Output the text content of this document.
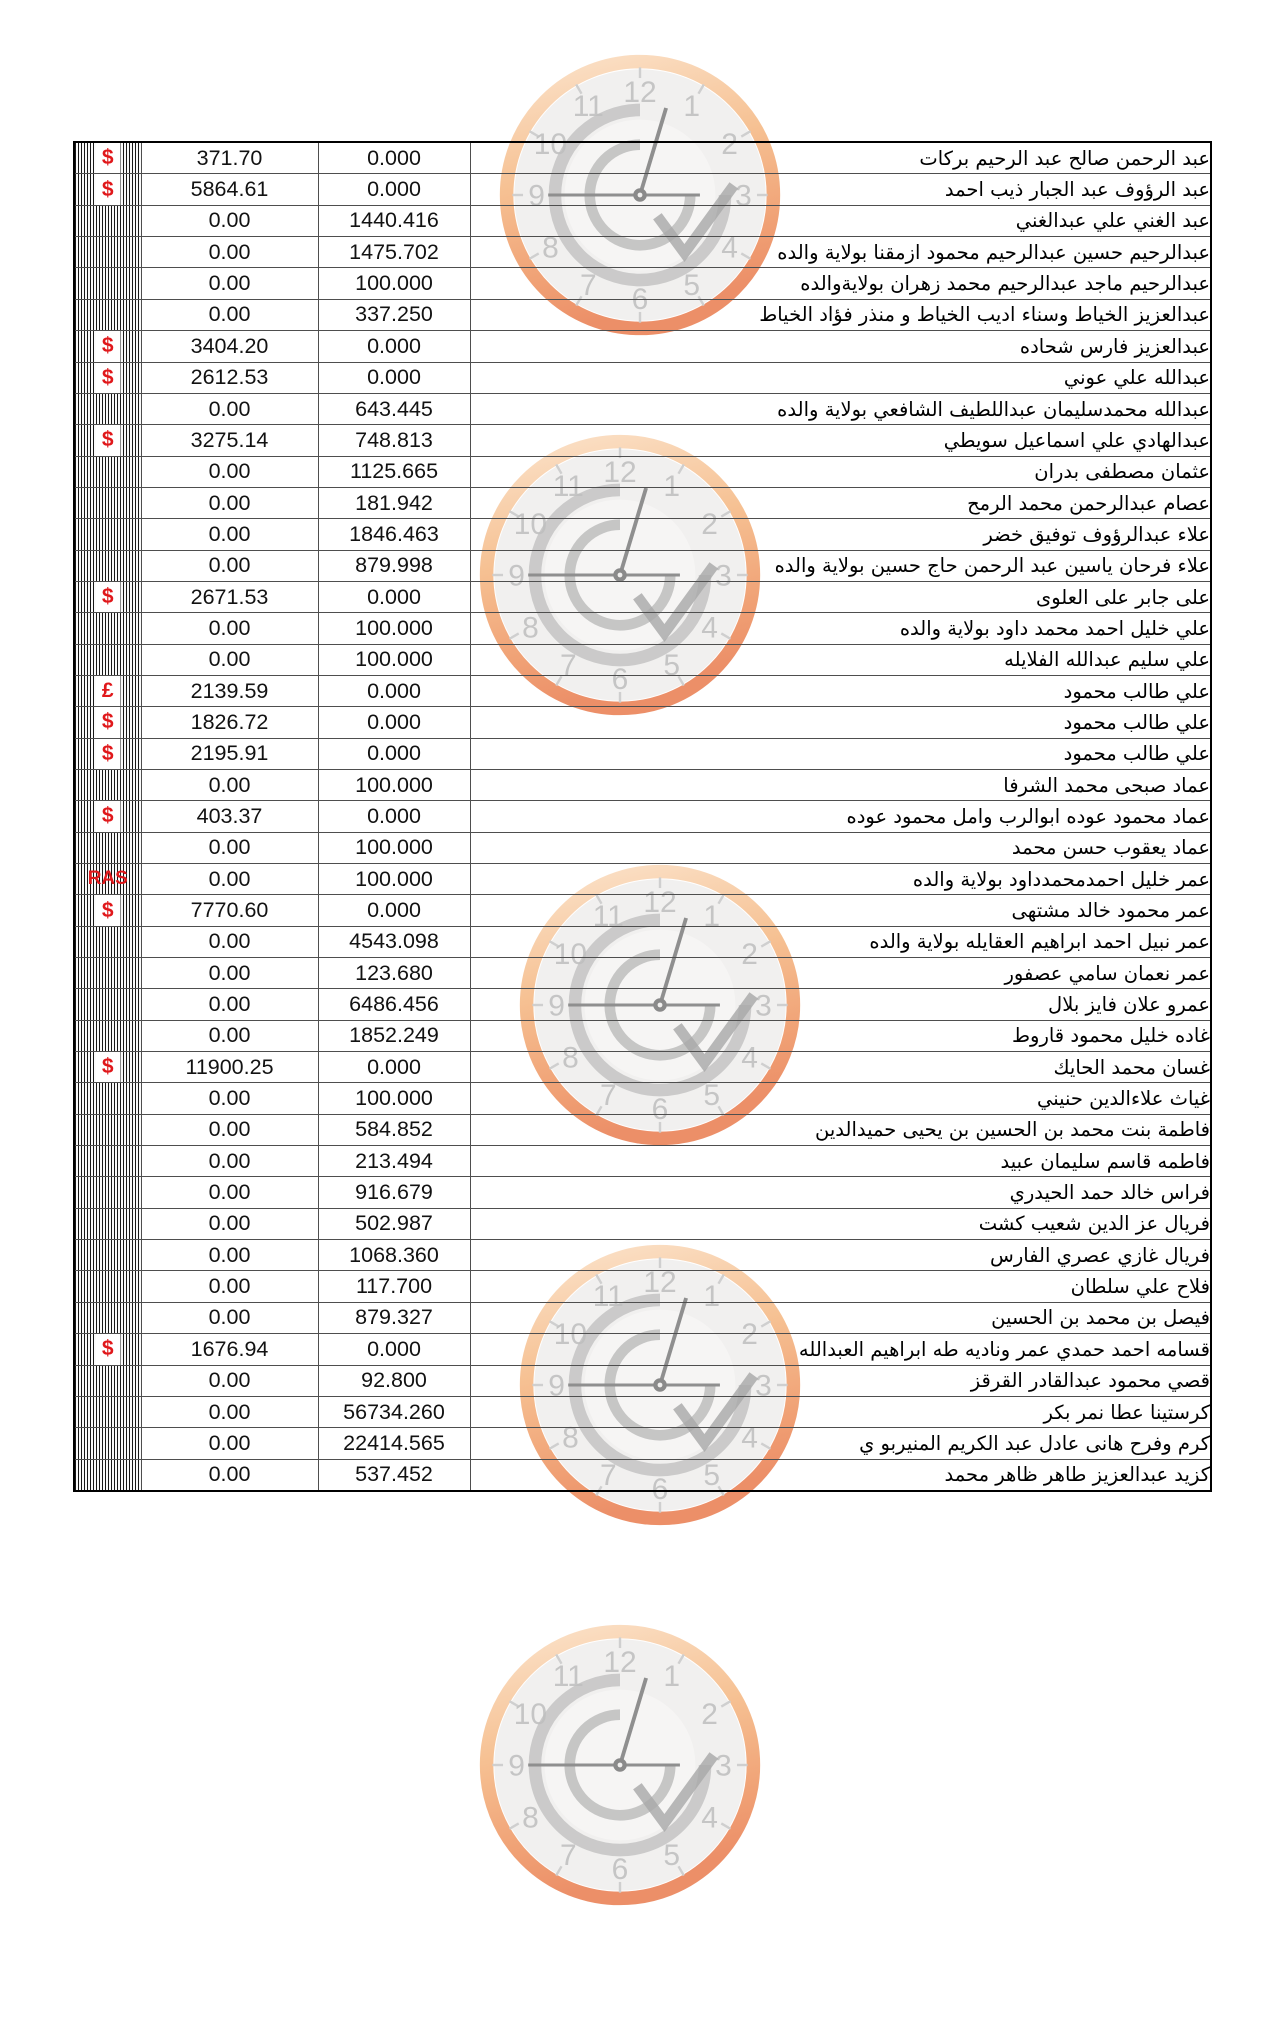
12 1
2
3
4
5
6
7
8
9
10
11
12 1
2
3
4
5
6
7
8
9
10
11
12 1
2
3
4
5
6
7
8
9
10
11
12 1
2
3
4
5
6
7
8
9
10
11
12 1
2
3
4
5
6
7
8
9
10
11
$	371.70	0.000	عبد الرحمن صالح عبد الرحيم بركات

$	5864.61	0.000	عبد الرؤوف عبد الجبار ذيب احمد
	0.00	1440.416	عبد الغني علي عبدالغني
	0.00	1475.702	عبدالرحيم حسين عبدالرحيم محمود ازمقنا بولاية والده
	0.00	100.000	عبدالرحيم ماجد عبدالرحيم محمد زهران بولايةوالده
	0.00	337.250	عبدالعزيز الخياط وسناء اديب الخياط و منذر فؤاد الخياط

$	3404.20	0.000	عبدالعزيز فارس شحاده

$	2612.53	0.000	عبدالله علي عوني
	0.00	643.445	عبدالله محمدسليمان عبداللطيف الشافعي بولاية والده

$	3275.14	748.813	عبدالهادي علي اسماعيل سويطي
	0.00	1125.665	عثمان مصطفى بدران
	0.00	181.942	عصام عبدالرحمن محمد الرمح
	0.00	1846.463	علاء عبدالرؤوف توفيق خضر
	0.00	879.998	علاء فرحان ياسين عبد الرحمن حاج حسين بولاية والده

$	2671.53	0.000	على جابر على العلوى
	0.00	100.000	علي خليل احمد محمد داود بولاية والده
	0.00	100.000	علي سليم عبدالله الفلايله

£	2139.59	0.000	علي طالب محمود

$	1826.72	0.000	علي طالب محمود

$	2195.91	0.000	علي طالب محمود
	0.00	100.000	عماد صبحى محمد الشرفا

$	403.37	0.000	عماد محمود عوده ابوالرب وامل محمود عوده
	0.00	100.000	عماد يعقوب حسن محمد

RAS	0.00	100.000	عمر خليل احمدمحمدداود بولاية والده

$	7770.60	0.000	عمر محمود خالد مشتهى
	0.00	4543.098	عمر نبيل احمد ابراهيم العقايله بولاية والده
	0.00	123.680	عمر نعمان سامي عصفور
	0.00	6486.456	عمرو علان فايز بلال
	0.00	1852.249	غاده خليل محمود قاروط

$	11900.25	0.000	غسان محمد الحايك
	0.00	100.000	غياث علاءالدين حنيني
	0.00	584.852	فاطمة بنت محمد بن الحسين بن يحيى حميدالدين
	0.00	213.494	فاطمه قاسم سليمان عبيد
	0.00	916.679	فراس خالد حمد الحيدري
	0.00	502.987	فريال عز الدين شعيب كشت
	0.00	1068.360	فريال غازي عصري الفارس
	0.00	117.700	فلاح علي سلطان
	0.00	879.327	فيصل بن محمد بن الحسين

$	1676.94	0.000	قسامه احمد حمدي عمر وناديه طه ابراهيم العبدالله
	0.00	92.800	قصي محمود عبدالقادر القرقز
	0.00	56734.260	كرستينا عطا نمر بكر
	0.00	22414.565	كرم وفرح هانى عادل عبد الكريم المنيربو ي
	0.00	537.452	كزيد عبدالعزيز طاهر ظاهر محمد
